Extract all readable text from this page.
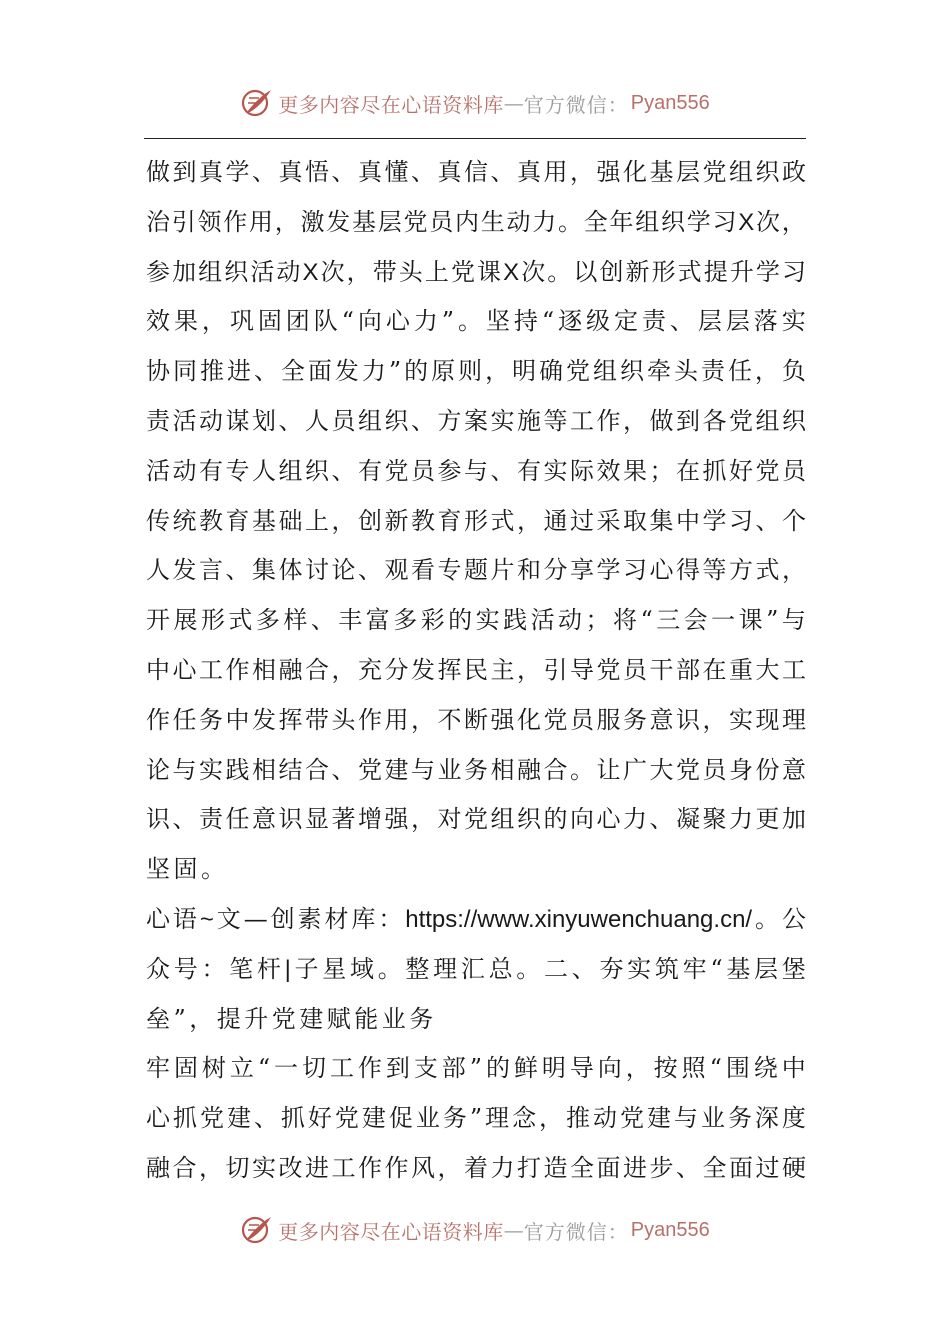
更多内容尽在心语资料库 — 官方微信： Pyan556
做 到 真 学 、 真 悟 、 真 懂 、 真 信 、 真 用 ， 强 化 基 层 党 组 织 政
治 引 领 作 用 ， 激 发 基 层 党 员 内 生 动 力 。 全 年 组 织 学 习 X 次 ，
参 加 组 织 活 动 X 次 ， 带 头 上 党 课 X 次 。 以 创 新 形 式 提 升 学 习
效 果 ， 巩 固 团 队 “ 向 心 力 ” 。 坚 持 “ 逐 级 定 责 、 层 层 落 实
协 同 推 进 、 全 面 发 力 ” 的 原 则 ， 明 确 党 组 织 牵 头 责 任 ， 负
责 活 动 谋 划 、 人 员 组 织 、 方 案 实 施 等 工 作 ， 做 到 各 党 组 织
活 动 有 专 人 组 织 、 有 党 员 参 与 、 有 实 际 效 果 ； 在 抓 好 党 员
传 统 教 育 基 础 上 ， 创 新 教 育 形 式 ， 通 过 采 取 集 中 学 习 、 个
人 发 言 、 集 体 讨 论 、 观 看 专 题 片 和 分 享 学 习 心 得 等 方 式 ，
开 展 形 式 多 样 、 丰 富 多 彩 的 实 践 活 动 ； 将 “ 三 会 一 课 ” 与
中 心 工 作 相 融 合 ， 充 分 发 挥 民 主 ， 引 导 党 员 干 部 在 重 大 工
作 任 务 中 发 挥 带 头 作 用 ， 不 断 强 化 党 员 服 务 意 识 ， 实 现 理
论 与 实 践 相 结 合 、 党 建 与 业 务 相 融 合 。 让 广 大 党 员 身 份 意
识 、 责 任 意 识 显 著 增 强 ， 对 党 组 织 的 向 心 力 、 凝 聚 力 更 加
坚 固 。
心 语 ~ 文 — 创 素 材 库 ： https://www.xinyuwenchuang.cn/ 。 公
众 号 ： 笔 杆 | 子 星 域 。 整 理 汇 总 。 二 、 夯 实 筑 牢 “ 基 层 堡
垒 ” ， 提 升 党 建 赋 能 业 务
牢 固 树 立 “ 一 切 工 作 到 支 部 ” 的 鲜 明 导 向 ， 按 照 “ 围 绕 中
心 抓 党 建 、 抓 好 党 建 促 业 务 ” 理 念 ， 推 动 党 建 与 业 务 深 度
融 合 ， 切 实 改 进 工 作 作 风 ， 着 力 打 造 全 面 进 步 、 全 面 过 硬
更多内容尽在心语资料库 — 官方微信： Pyan556
